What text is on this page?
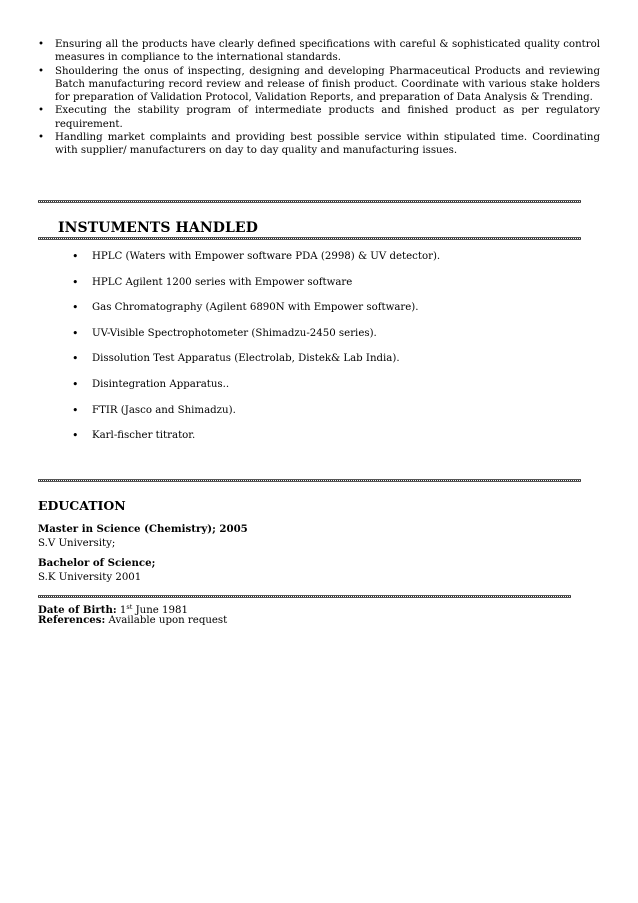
• Ensuring all the products have clearly defined specifications with careful & sophisticated quality control measures in compliance to the international standards.
• Shouldering the onus of inspecting, designing and developing Pharmaceutical Products and reviewing Batch manufacturing record review and release of finish product. Coordinate with various stake holders for preparation of Validation Protocol, Validation Reports, and preparation of Data Analysis & Trending.
• Executing the stability program of intermediate products and finished product as per regulatory requirement.
• Handling market complaints and providing best possible service within stipulated time. Coordinating with supplier/ manufacturers on day to day quality and manufacturing issues.
INSTUMENTS HANDLED
• HPLC (Waters with Empower software PDA (2998) & UV detector).
• HPLC Agilent 1200 series with Empower software
• Gas Chromatography (Agilent 6890N with Empower software).
• UV-Visible Spectrophotometer (Shimadzu-2450 series).
• Dissolution Test Apparatus (Electrolab, Distek& Lab India).
• Disintegration Apparatus..
• FTIR (Jasco and Shimadzu).
• Karl-fischer titrator.
EDUCATION
Master in Science (Chemistry); 2005
S.V University;
Bachelor of Science;
S.K University 2001
Date of Birth: 1st June 1981
References: Available upon request
